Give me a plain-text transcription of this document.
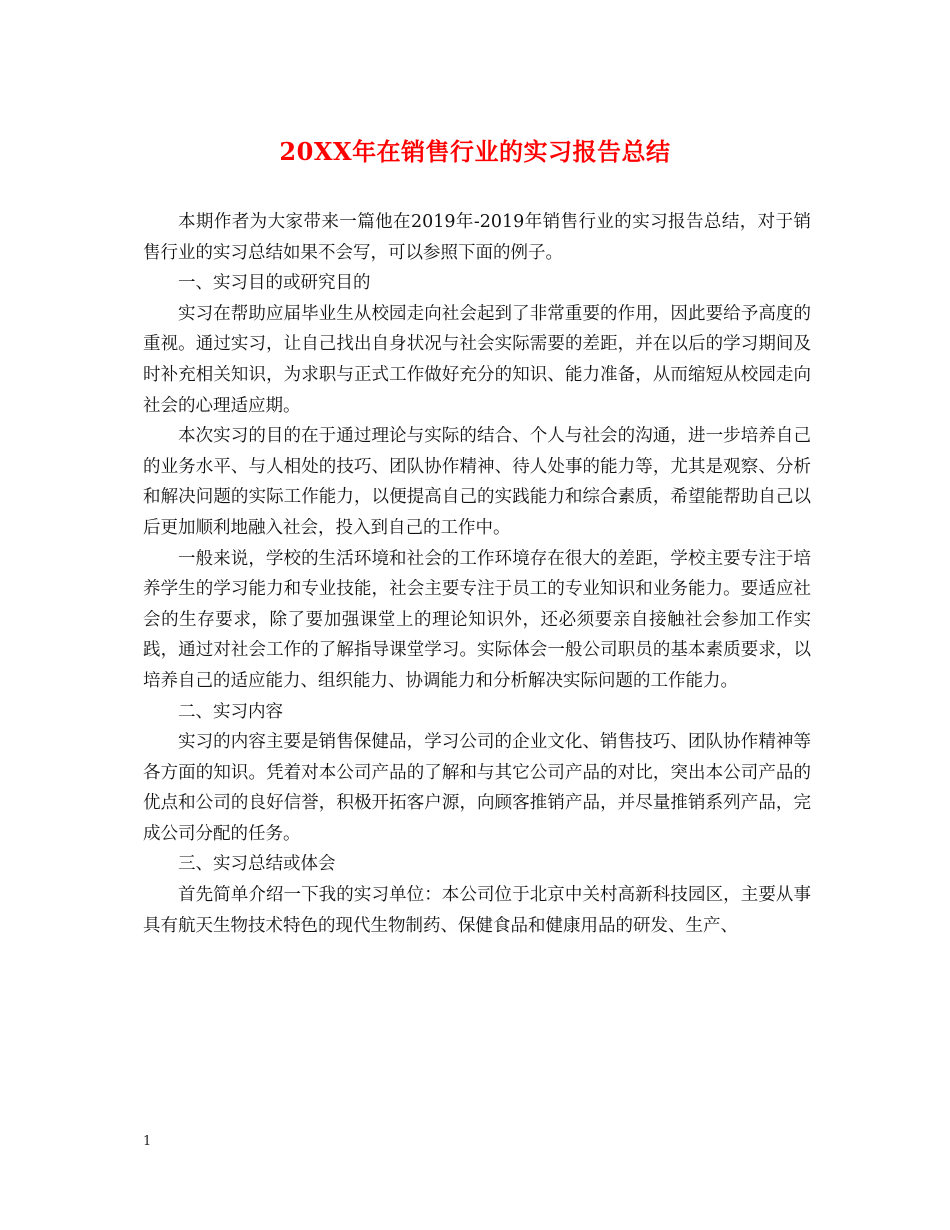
20XX年在销售行业的实习报告总结

本期作者为大家带来一篇他在2019年-2019年销售行业的实习报告总结，对于销售行业的实习总结如果不会写，可以参照下面的例子。

一、实习目的或研究目的

实习在帮助应届毕业生从校园走向社会起到了非常重要的作用，因此要给予高度的重视。通过实习，让自己找出自身状况与社会实际需要的差距，并在以后的学习期间及时补充相关知识，为求职与正式工作做好充分的知识、能力准备，从而缩短从校园走向社会的心理适应期。

本次实习的目的在于通过理论与实际的结合、个人与社会的沟通，进一步培养自己的业务水平、与人相处的技巧、团队协作精神、待人处事的能力等，尤其是观察、分析和解决问题的实际工作能力，以便提高自己的实践能力和综合素质，希望能帮助自己以后更加顺利地融入社会，投入到自己的工作中。

一般来说，学校的生活环境和社会的工作环境存在很大的差距，学校主要专注于培养学生的学习能力和专业技能，社会主要专注于员工的专业知识和业务能力。要适应社会的生存要求，除了要加强课堂上的理论知识外，还必须要亲自接触社会参加工作实践，通过对社会工作的了解指导课堂学习。实际体会一般公司职员的基本素质要求，以培养自己的适应能力、组织能力、协调能力和分析解决实际问题的工作能力。

二、实习内容

实习的内容主要是销售保健品，学习公司的企业文化、销售技巧、团队协作精神等各方面的知识。凭着对本公司产品的了解和与其它公司产品的对比，突出本公司产品的优点和公司的良好信誉，积极开拓客户源，向顾客推销产品，并尽量推销系列产品，完成公司分配的任务。

三、实习总结或体会

首先简单介绍一下我的实习单位：本公司位于北京中关村高新科技园区，主要从事具有航天生物技术特色的现代生物制药、保健食品和健康用品的研发、生产、

1
